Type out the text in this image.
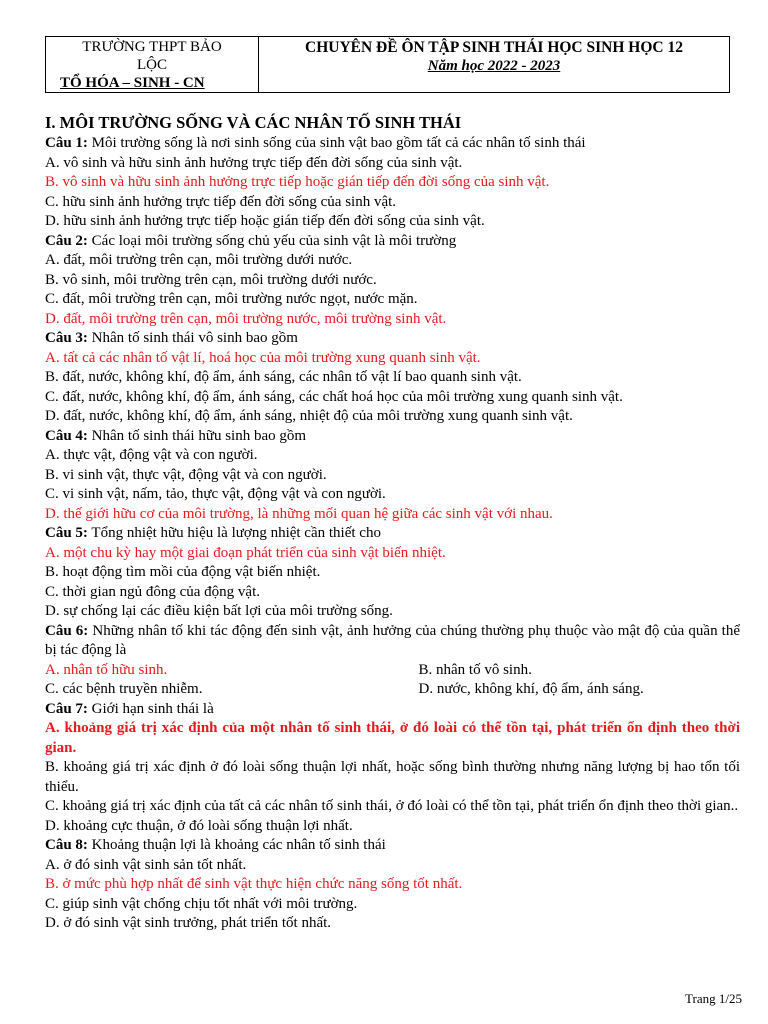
TRƯỜNG THPT BẢO
LỘC
TỔ HÓA – SINH - CN

CHUYÊN ĐỀ ÔN TẬP SINH THÁI HỌC SINH HỌC 12
Năm học 2022 - 2023

I. MÔI TRƯỜNG SỐNG VÀ CÁC NHÂN TỐ SINH THÁI

Câu 1: Môi trường sống là nơi sinh sống của sinh vật bao gồm tất cả các nhân tố sinh thái

A. vô sinh và hữu sinh ảnh hưởng trực tiếp đến đời sống của sinh vật.

B. vô sinh và hữu sinh ảnh hưởng trực tiếp hoặc gián tiếp đến đời sống của sinh vật.

C. hữu sinh ảnh hưởng trực tiếp đến đời sống của sinh vật.

D. hữu sinh ảnh hưởng trực tiếp hoặc gián tiếp đến đời sống của sinh vật.

Câu 2: Các loại môi trường sống chủ yếu của sinh vật là môi trường

A. đất, môi trường trên cạn, môi trường dưới nước.

B. vô sinh, môi trường trên cạn, môi trường dưới nước.

C. đất, môi trường trên cạn, môi trường nước ngọt, nước mặn.

D. đất, môi trường trên cạn, môi trường nước, môi trường sinh vật.

Câu 3: Nhân tố sinh thái vô sinh bao gồm

A. tất cả các nhân tố vật lí, hoá học của môi trường xung quanh sinh vật.

B. đất, nước, không khí, độ ẩm, ánh sáng, các nhân tố vật lí bao quanh sinh vật.

C. đất, nước, không khí, độ ẩm, ánh sáng, các chất hoá học của môi trường xung quanh sinh vật.

D. đất, nước, không khí, độ ẩm, ánh sáng, nhiệt độ của môi trường xung quanh sinh vật.

Câu 4: Nhân tố sinh thái hữu sinh bao gồm

A. thực vật, động vật và con người.

B. vi sinh vật, thực vật, động vật và con người.

C. vi sinh vật, nấm, tảo, thực vật, động vật và con người.

D. thế giới hữu cơ của môi trường, là những mối quan hệ giữa các sinh vật với nhau.

Câu 5: Tổng nhiệt hữu hiệu là lượng nhiệt cần thiết cho

A. một chu kỳ hay một giai đoạn phát triển của sinh vật biến nhiệt.

B. hoạt động tìm mồi của động vật biến nhiệt.

C. thời gian ngủ đông của động vật.

D. sự chống lại các điều kiện bất lợi của môi trường sống.

Câu 6: Những nhân tố khi tác động đến sinh vật, ảnh hưởng của chúng thường phụ thuộc vào mật độ của quần thể bị tác động là

A. nhân tố hữu sinh.	B. nhân tố vô sinh.
C. các bệnh truyền nhiễm.	D. nước, không khí, độ ẩm, ánh sáng.

Câu 7: Giới hạn sinh thái là

A. khoảng giá trị xác định của một nhân tố sinh thái, ở đó loài có thể tồn tại, phát triển ổn định theo thời gian.

B. khoảng giá trị xác định ở đó loài sống thuận lợi nhất, hoặc sống bình thường nhưng năng lượng bị hao tổn tối thiểu.

C. khoảng giá trị xác định của tất cả các nhân tố sinh thái, ở đó loài có thể tồn tại, phát triển ổn định theo thời gian..

D. khoảng cực thuận, ở đó loài sống thuận lợi nhất.

Câu 8: Khoảng thuận lợi là khoảng các nhân tố sinh thái

A. ở đó sinh vật sinh sản tốt nhất.

B. ở mức phù hợp nhất để sinh vật thực hiện chức năng sống tốt nhất.

C. giúp sinh vật chống chịu tốt nhất với môi trường.

D. ở đó sinh vật sinh trưởng, phát triển tốt nhất.

Trang 1/25
